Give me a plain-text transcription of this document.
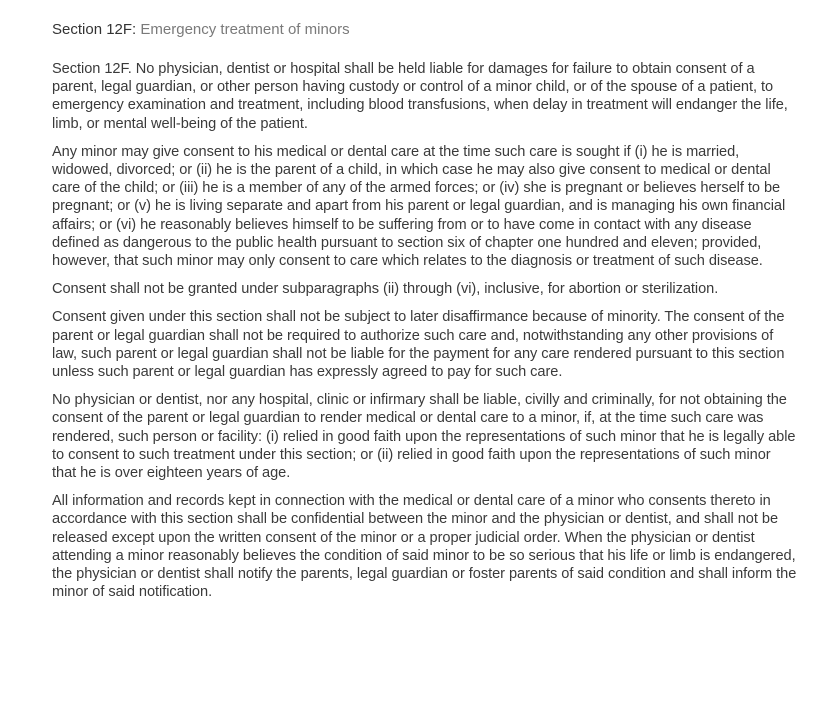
Section 12F: Emergency treatment of minors

Section 12F. No physician, dentist or hospital shall be held liable for damages for failure to obtain consent of a parent, legal guardian, or other person having custody or control of a minor child, or of the spouse of a patient, to emergency examination and treatment, including blood transfusions, when delay in treatment will endanger the life, limb, or mental well-being of the patient.

Any minor may give consent to his medical or dental care at the time such care is sought if (i) he is married, widowed, divorced; or (ii) he is the parent of a child, in which case he may also give consent to medical or dental care of the child; or (iii) he is a member of any of the armed forces; or (iv) she is pregnant or believes herself to be pregnant; or (v) he is living separate and apart from his parent or legal guardian, and is managing his own financial affairs; or (vi) he reasonably believes himself to be suffering from or to have come in contact with any disease defined as dangerous to the public health pursuant to section six of chapter one hundred and eleven; provided, however, that such minor may only consent to care which relates to the diagnosis or treatment of such disease.

Consent shall not be granted under subparagraphs (ii) through (vi), inclusive, for abortion or sterilization.

Consent given under this section shall not be subject to later disaffirmance because of minority. The consent of the parent or legal guardian shall not be required to authorize such care and, notwithstanding any other provisions of law, such parent or legal guardian shall not be liable for the payment for any care rendered pursuant to this section unless such parent or legal guardian has expressly agreed to pay for such care.

No physician or dentist, nor any hospital, clinic or infirmary shall be liable, civilly and criminally, for not obtaining the consent of the parent or legal guardian to render medical or dental care to a minor, if, at the time such care was rendered, such person or facility: (i) relied in good faith upon the representations of such minor that he is legally able to consent to such treatment under this section; or (ii) relied in good faith upon the representations of such minor that he is over eighteen years of age.

All information and records kept in connection with the medical or dental care of a minor who consents thereto in accordance with this section shall be confidential between the minor and the physician or dentist, and shall not be released except upon the written consent of the minor or a proper judicial order. When the physician or dentist attending a minor reasonably believes the condition of said minor to be so serious that his life or limb is endangered, the physician or dentist shall notify the parents, legal guardian or foster parents of said condition and shall inform the minor of said notification.
